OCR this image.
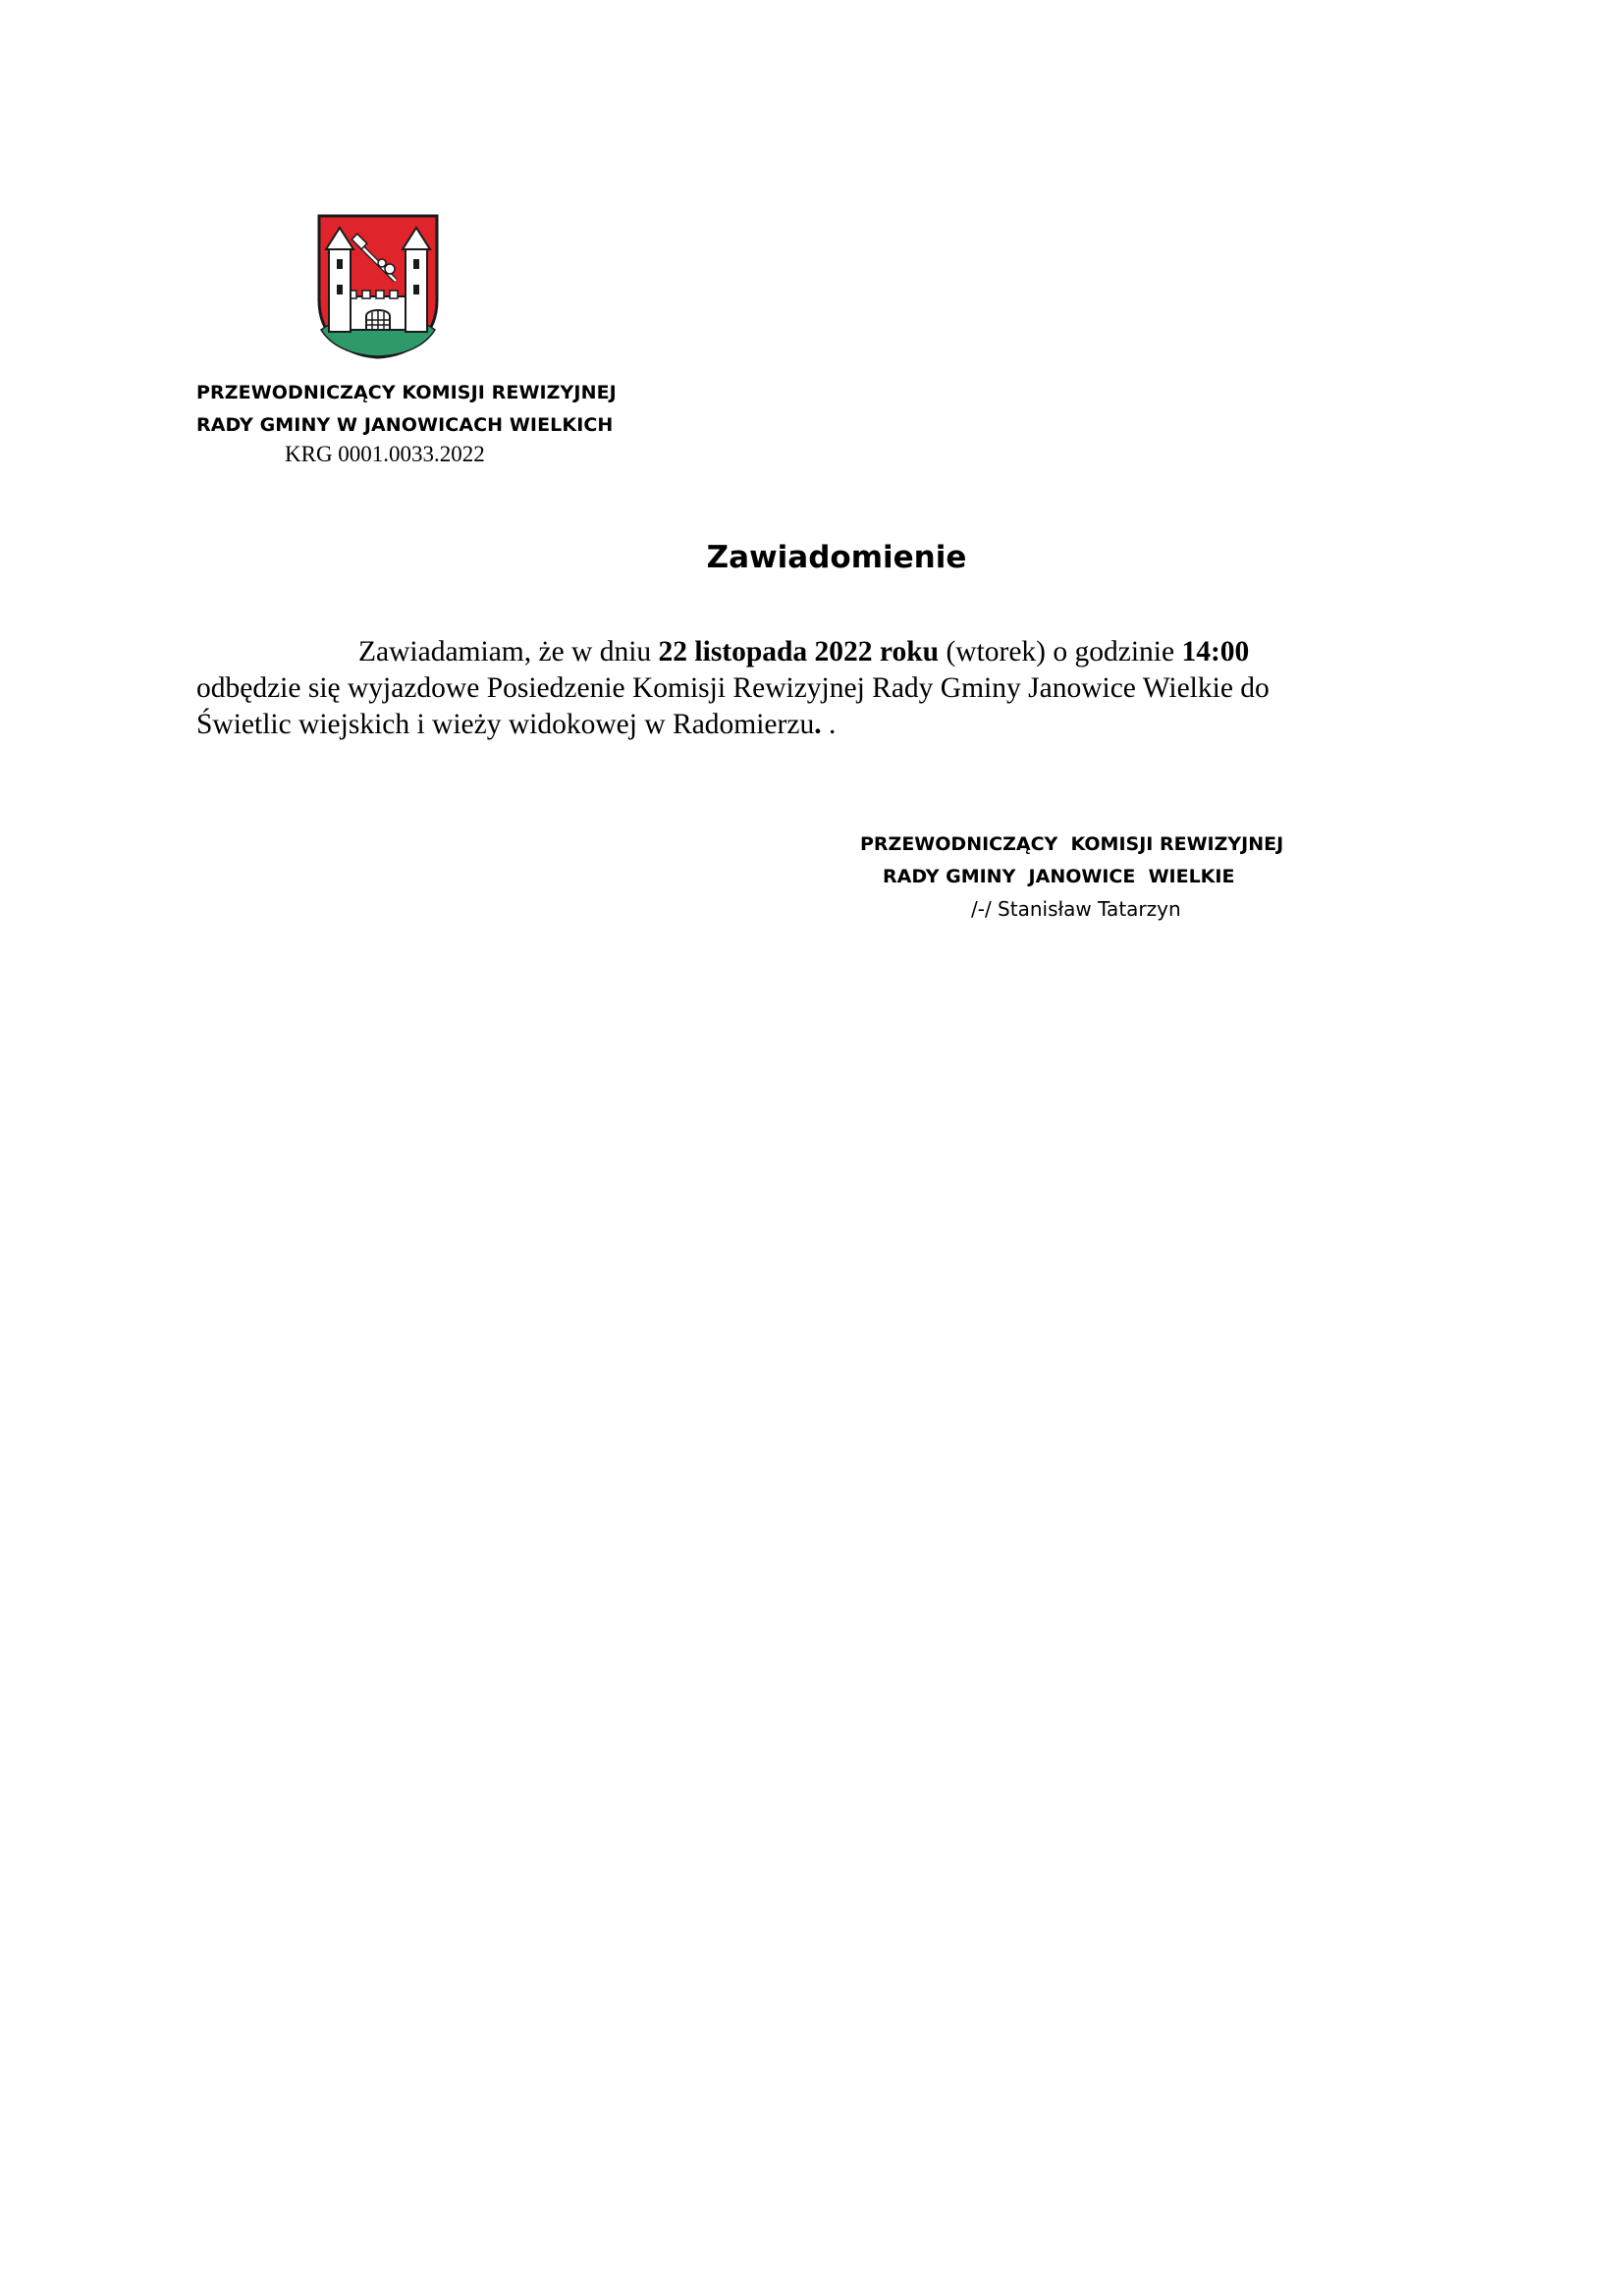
PRZEWODNICZĄCY KOMISJI REWIZYJNEJ
RADY GMINY W JANOWICACH WIELKICH
KRG 0001.0033.2022
Zawiadomienie
Zawiadamiam, że w dniu 22 listopada 2022 roku (wtorek) o godzinie 14:00
odbędzie się wyjazdowe Posiedzenie Komisji Rewizyjnej Rady Gminy Janowice Wielkie do
Świetlic wiejskich i wieży widokowej w Radomierzu. .
PRZEWODNICZĄCY  KOMISJI REWIZYJNEJ
RADY GMINY  JANOWICE  WIELKIE
/-/ Stanisław Tatarzyn
